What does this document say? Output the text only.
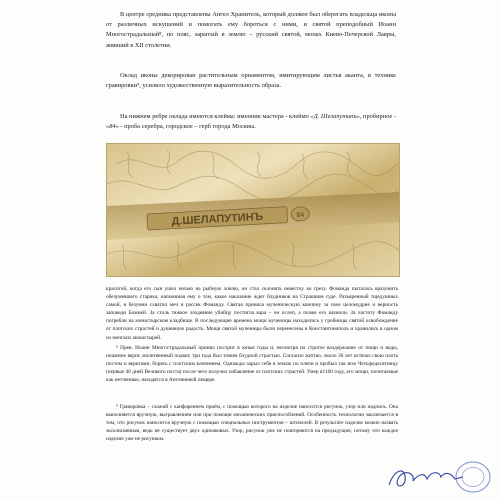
В центре средника представлены Ангел Хранитель, который должен был оберегать владельца иконы от различных искушений и помогать ему бороться с ними, и святой преподобный Иоанн Многострадальный⁸, по пояс, зарытый в землю – русский святой, монах Киево-Печерской Лавры, живший в XII столетии.

Оклад иконы декорирован растительным орнаментом, имитирующим листья аканта, в технике гравировки⁹, усилило художественную выразительность образа.

На нижнем ребре оклада имеются клейма: именник мастера - клеймо «Д. Шелапутинъ», пробирное - «84» - проба серебра, городское – герб города Москвы.

Д.ШЕЛАПУТИНЪ	84

красотой, когда его сын ушел ночью на рыбную ловлю, он стал склонять невестку ко греху. Фомаида пыталась вразумить обезумевшего старика, напоминая ему о том, какое наказание ждет блудников на Страшном суде. Разъяренный тщедушных самой, в безумии схватил меч и рассек Фомаиду. Святая приняла мученическую кончину за свое целомудрие и верность заповеди Божией. За столь тяжкое злодеяние убийцу постигла кара – он ослеп, а позже его казнили. За частоту Фомаиду погребли на монастырском кладбище. В последующие времена мощи мученицы находились у гробницы святой освобождение от плотских страстей и душевную радость. Мощи святой мученицы были перенесены в Константинополь и хранились в одном из женских монастырей.

⁸ Прев. Иоанн Многострадальный принял постриг в юные годы и, несмотря на строгое воздержание от пищи и воды, ношение вериг, молитвенный подвиг, три года был томим блудной страстью. Согласно житию, около 30 лет истязал свою плоть постом и веригами, борясь с плотским влечением. Однажды зарыл себя в землю по плечи и пробыл так всю Четыредесятницу (первые 40 дней Великого поста) после чего получил избавление от плотских страстей. Умер в1160 году, его мощи, почитаемые как нетленные, находятся в Антониевой пещере.

⁹ Гравировка – схожий с канфарением приём, с помощью которого на изделие наносится рисунок, узор или надпись. Она выполняется вручную, выгравлением или при помощи механических приспособлений. Особенность технологии заключается в том, что рисунок наносится вручную с помощью специальных инструментов – штихелей. В результате изделие можно назвать эксклюзивным, ведь не существует двух одинаковых. Узор, рисунок уже не повторяются на предыдущие, потому что каждое изделие уже не рисунком.
